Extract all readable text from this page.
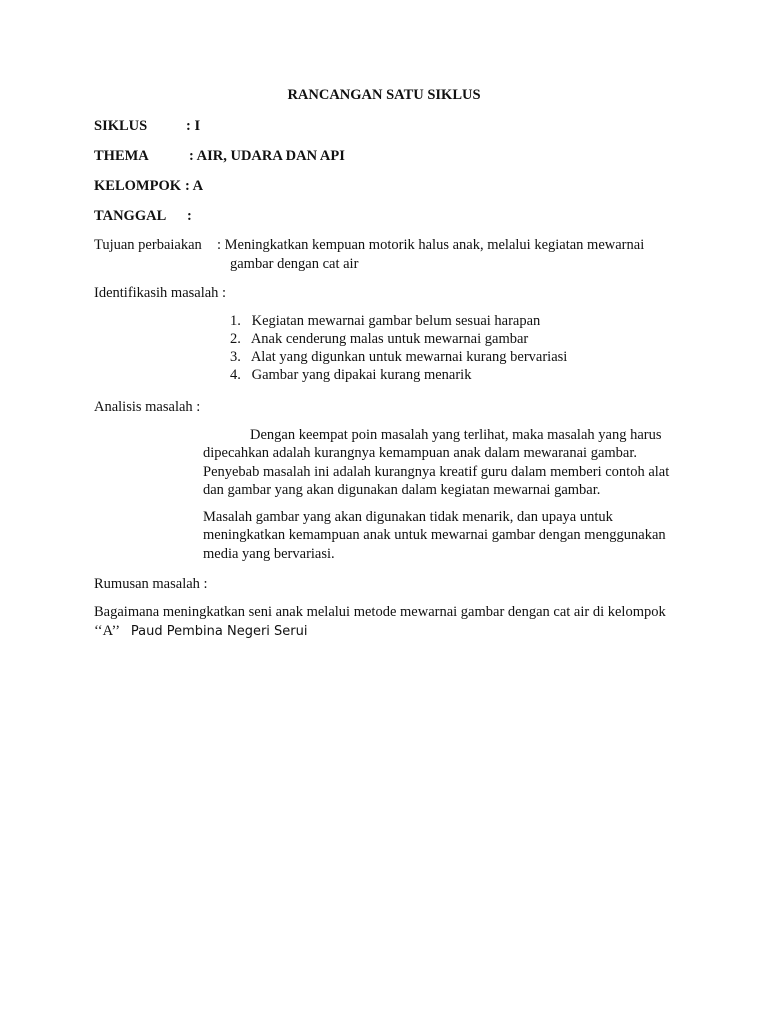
RANCANGAN SATU SIKLUS
SIKLUS	: I
THEMA	: AIR, UDARA DAN API
KELOMPOK : A
TANGGAL :
Tujuan perbaiakan : Meningkatkan kempuan motorik halus anak, melalui kegiatan mewarnai
gambar dengan cat air
Identifikasih masalah :
1. Kegiatan mewarnai gambar belum sesuai harapan
2. Anak cenderung malas untuk mewarnai gambar
3. Alat yang digunkan untuk mewarnai kurang bervariasi
4. Gambar yang dipakai kurang menarik
Analisis masalah :
Dengan keempat poin masalah yang terlihat, maka masalah yang harus dipecahkan adalah kurangnya kemampuan anak dalam mewaranai gambar. Penyebab masalah ini adalah kurangnya kreatif guru dalam memberi contoh alat dan gambar yang akan digunakan dalam kegiatan mewarnai gambar.
Masalah gambar yang akan digunakan tidak menarik, dan upaya untuk meningkatkan kemampuan anak untuk mewarnai gambar dengan menggunakan media yang bervariasi.
Rumusan masalah :
Bagaimana meningkatkan seni anak melalui metode mewarnai gambar dengan cat air di kelompok
‘‘A’’ Paud Pembina Negeri Serui
